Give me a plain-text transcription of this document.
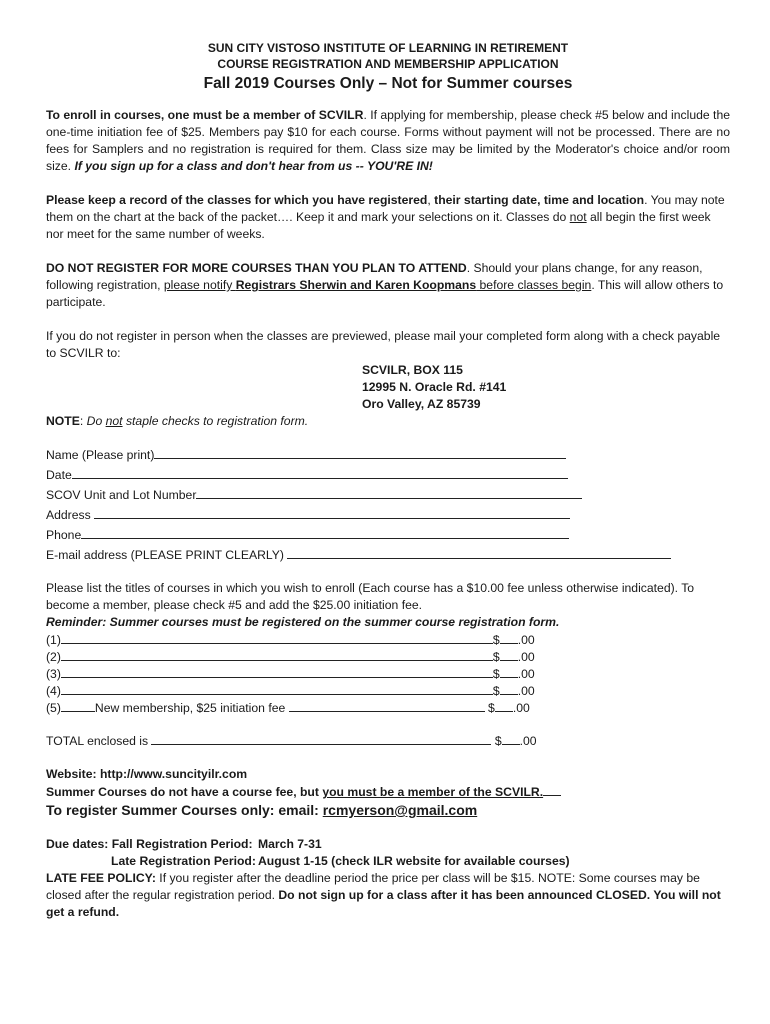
SUN CITY VISTOSO INSTITUTE OF LEARNING IN RETIREMENT
COURSE REGISTRATION AND MEMBERSHIP APPLICATION
Fall 2019 Courses Only – Not for Summer courses

To enroll in courses, one must be a member of SCVILR. If applying for membership, please check #5 below and include the one-time initiation fee of $25. Members pay $10 for each course. Forms without payment will not be processed. There are no fees for Samplers and no registration is required for them. Class size may be limited by the Moderator's choice and/or room size. If you sign up for a class and don't hear from us -- YOU'RE IN!

Please keep a record of the classes for which you have registered, their starting date, time and location. You may note them on the chart at the back of the packet…. Keep it and mark your selections on it. Classes do not all begin the first week nor meet for the same number of weeks.

DO NOT REGISTER FOR MORE COURSES THAN YOU PLAN TO ATTEND. Should your plans change, for any reason, following registration, please notify Registrars Sherwin and Karen Koopmans before classes begin. This will allow others to participate.

If you do not register in person when the classes are previewed, please mail your completed form along with a check payable to SCVILR to:

SCVILR, BOX 115
12995 N. Oracle Rd. #141
Oro Valley, AZ 85739
NOTE: Do not staple checks to registration form.
Name (Please print)
Date
SCOV Unit and Lot Number
Address
Phone
E-mail address (PLEASE PRINT CLEARLY)

Please list the titles of courses in which you wish to enroll (Each course has a $10.00 fee unless otherwise indicated). To become a member, please check #5 and add the $25.00 initiation fee.

Reminder: Summer courses must be registered on the summer course registration form.
(1)	$ .00
(2)	$ .00
(3)	$ .00
(4)	$ .00
(5)	New membership, $25 initiation fee	$ .00
TOTAL enclosed is	$ .00
Website: http://www.suncityilr.com
Summer Courses do not have a course fee, but you must be a member of the SCVILR.
To register Summer Courses only: email: rcmyerson@gmail.com
Due dates: Fall Registration Period: March 7-31
Late Registration Period: August 1-15 (check ILR website for available courses)

LATE FEE POLICY: If you register after the deadline period the price per class will be $15. NOTE: Some courses may be closed after the regular registration period. Do not sign up for a class after it has been announced CLOSED. You will not get a refund.
